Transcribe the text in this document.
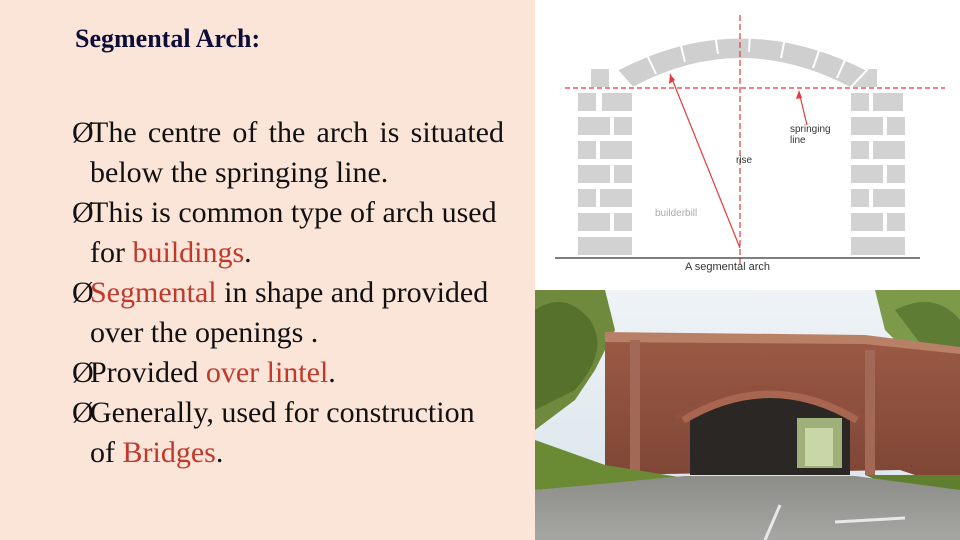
Segmental Arch:
Ø
The centre of the arch is situated below the springing line.
Ø
This is common type of arch used for buildings.
Ø
Segmental in shape and provided over the openings .
Ø
Provided over lintel.
Ø
Generally, used for construction of Bridges.
springing
line
rise
builderbill
A segmental arch
